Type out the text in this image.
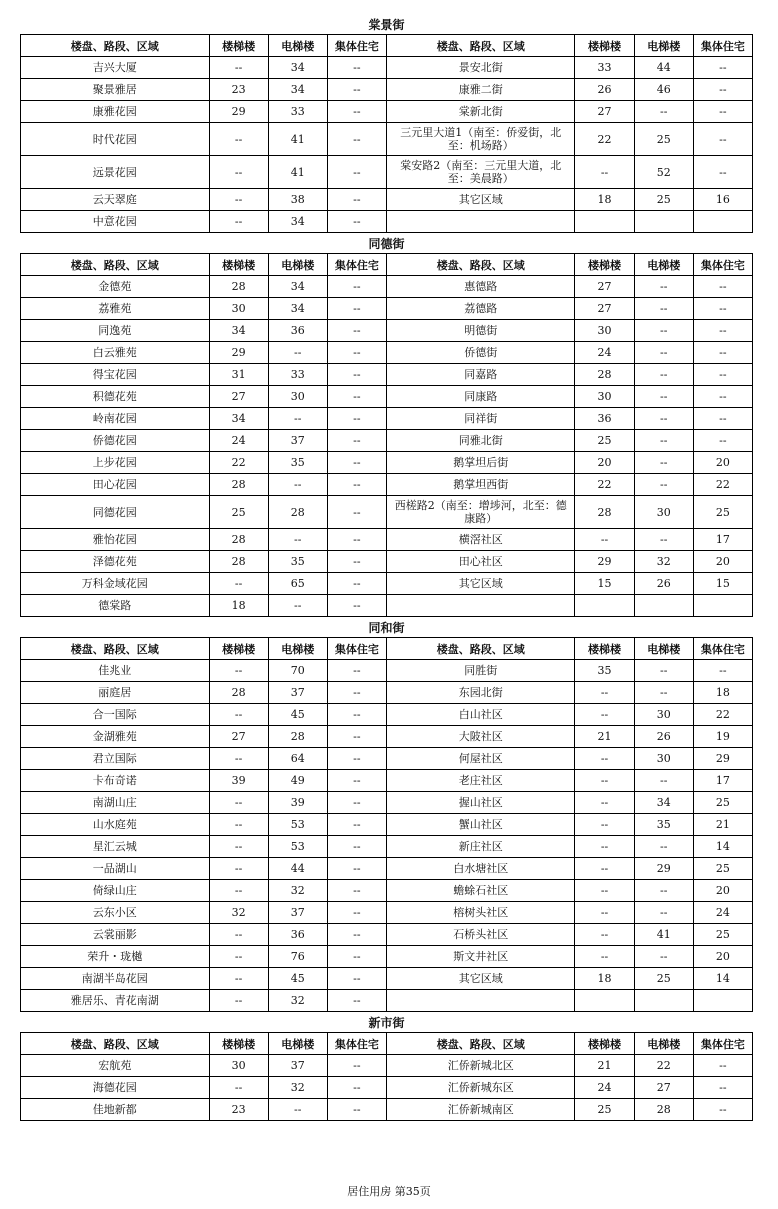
棠景街
楼盘、路段、区域	楼梯楼	电梯楼	集体住宅	楼盘、路段、区域	楼梯楼	电梯楼	集体住宅
吉兴大厦	--	34	--	景安北街	33	44	--
聚景雅居	23	34	--	康雅二街	26	46	--
康雅花园	29	33	--	棠新北街	27	--	--
时代花园	--	41	--	三元里大道1（南至：侨爱街，北至：机场路）	22	25	--
远景花园	--	41	--	棠安路2（南至：三元里大道，北至：美晨路）	--	52	--
云天翠庭	--	38	--	其它区域	18	25	16
中意花园	--	34	--				
同德街
楼盘、路段、区域	楼梯楼	电梯楼	集体住宅	楼盘、路段、区域	楼梯楼	电梯楼	集体住宅
金德苑	28	34	--	惠德路	27	--	--
荔雅苑	30	34	--	荔德路	27	--	--
同逸苑	34	36	--	明德街	30	--	--
白云雅苑	29	--	--	侨德街	24	--	--
得宝花园	31	33	--	同嘉路	28	--	--
积德花苑	27	30	--	同康路	30	--	--
岭南花园	34	--	--	同祥街	36	--	--
侨德花园	24	37	--	同雅北街	25	--	--
上步花园	22	35	--	鹅掌坦后街	20	--	20
田心花园	28	--	--	鹅掌坦西街	22	--	22
同德花园	25	28	--	西槎路2（南至：增埗河，北至：德康路）	28	30	25
雅怡花园	28	--	--	横滘社区	--	--	17
泽德花苑	28	35	--	田心社区	29	32	20
万科金域花园	--	65	--	其它区域	15	26	15
德棠路	18	--	--				
同和街
楼盘、路段、区域	楼梯楼	电梯楼	集体住宅	楼盘、路段、区域	楼梯楼	电梯楼	集体住宅
佳兆业	--	70	--	同胜街	35	--	--
丽庭居	28	37	--	东园北街	--	--	18
合一国际	--	45	--	白山社区	--	30	22
金湖雅苑	27	28	--	大陂社区	21	26	19
君立国际	--	64	--	何屋社区	--	30	29
卡布奇诺	39	49	--	老庄社区	--	--	17
南湖山庄	--	39	--	握山社区	--	34	25
山水庭苑	--	53	--	蟹山社区	--	35	21
星汇云城	--	53	--	新庄社区	--	--	14
一品湖山	--	44	--	白水塘社区	--	29	25
倚绿山庄	--	32	--	蟾蜍石社区	--	--	20
云东小区	32	37	--	榕树头社区	--	--	24
云裳丽影	--	36	--	石桥头社区	--	41	25
荣升・珑樾	--	76	--	斯文井社区	--	--	20
南湖半岛花园	--	45	--	其它区域	18	25	14
雅居乐、青花南湖	--	32	--				
新市街
楼盘、路段、区域	楼梯楼	电梯楼	集体住宅	楼盘、路段、区域	楼梯楼	电梯楼	集体住宅
宏航苑	30	37	--	汇侨新城北区	21	22	--
海德花园	--	32	--	汇侨新城东区	24	27	--
佳地新都	23	--	--	汇侨新城南区	25	28	--
居住用房 第35页
